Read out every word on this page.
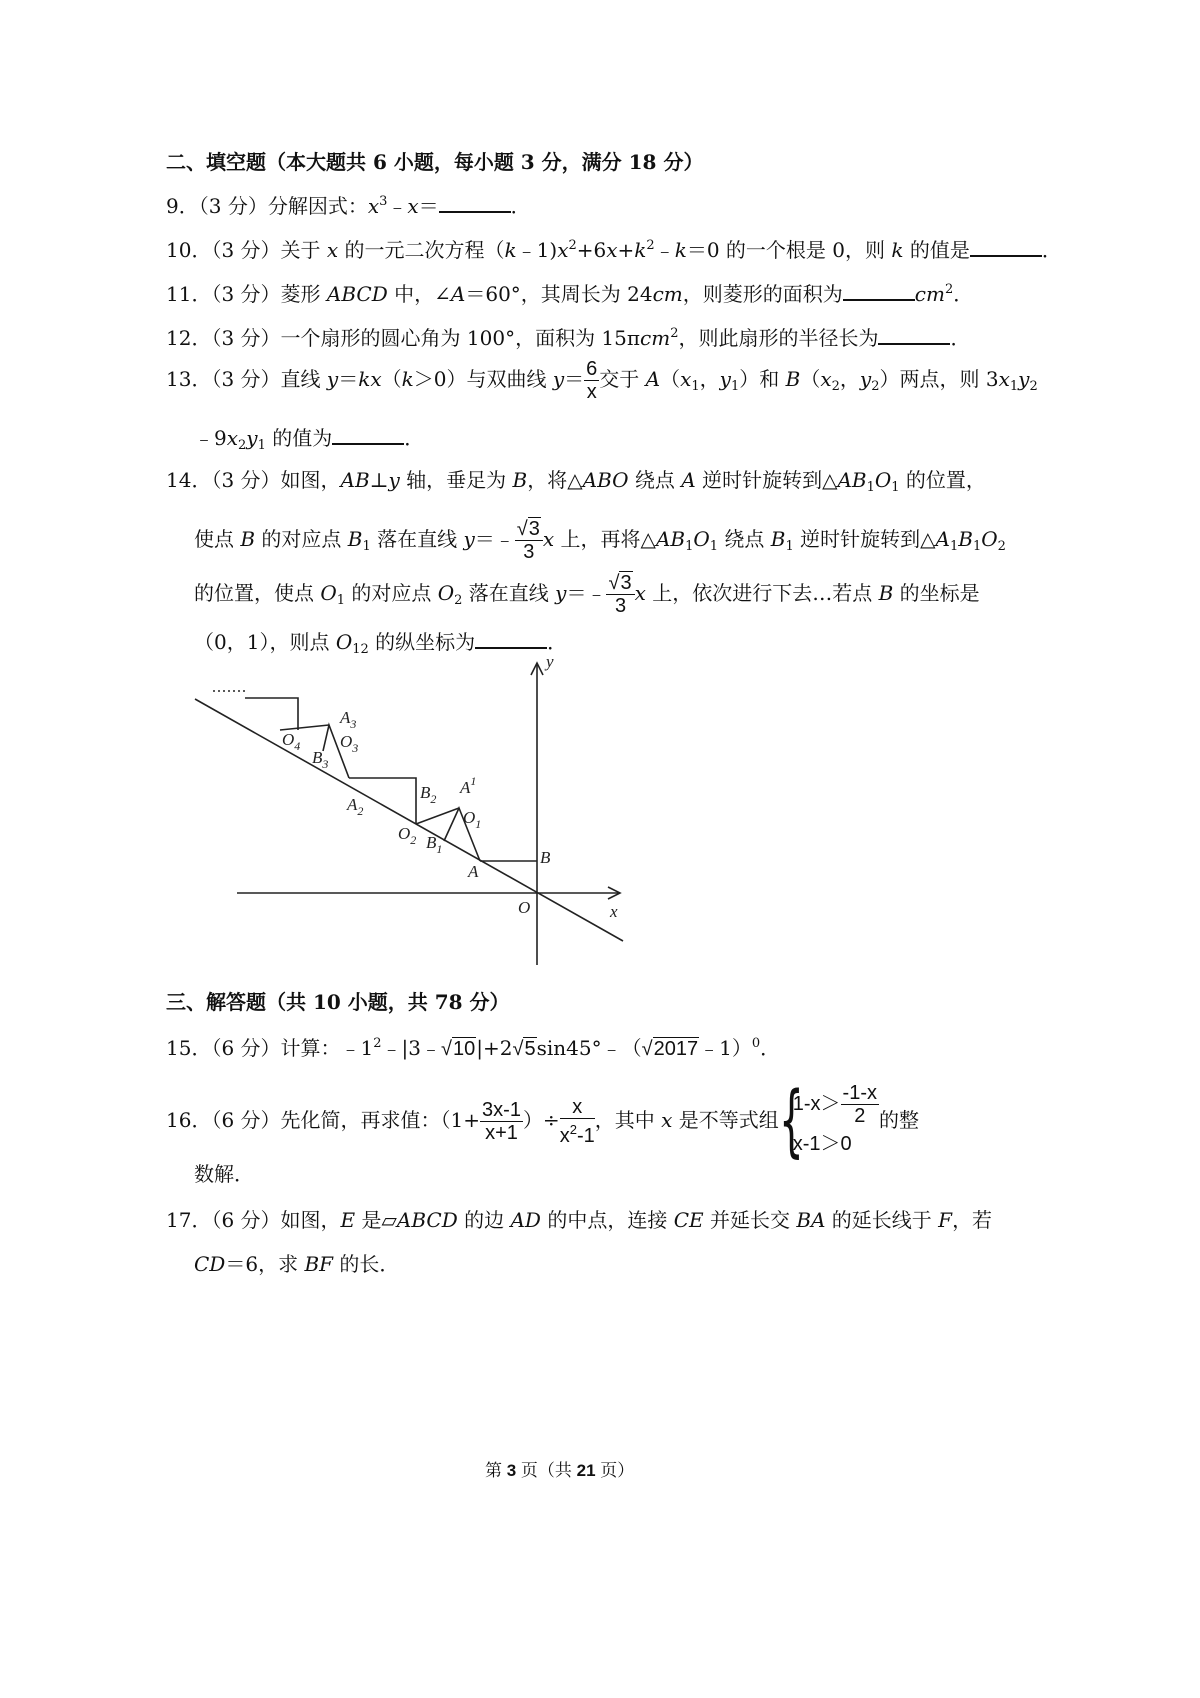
二、填空题（本大题共 6 小题，每小题 3 分，满分 18 分）
9．（3 分）分解因式：$x^3﹣x=$	．
10．（3 分）关于 x 的一元二次方程$(k﹣1)x^2+6x+k^2﹣k=0$ 的一个根是 0，则 k 的值是	．
11．（3 分）菱形 ABCD 中，∠A＝60°，其周长为 24cm，则菱形的面积为	$cm^2$．
12．（3 分）一个扇形的圆心角为 100°，面积为 15πcm$^2$，则此扇形的半径长为	．
13．（3 分）直线 y＝kx（k＞0）与双曲线 $y= \frac{6}{x}$ 交于 $A(x_1$，$y_1$）和 $B(x_2$，$y_2$）两点，则 $3x_1y_2$
$﹣9x_2y_1$ 的值为	．
14．（3 分）如图，AB⊥y 轴，垂足为 B，将△ABO 绕点 A 逆时针旋转到$\triangle AB_1O_1$ 的位置，
使点 B 的对应点 $B_1$ 落在直线 y＝﹣ $\frac{√3}{3}$ x 上，再将$\triangle AB_1O_1$ 绕点 $B_1$ 逆时针旋转到$\triangle A_1B_1O_2$
的位置，使点 $O_1$ 的对应点 $O_2$ 落在直线 y＝﹣ $\frac{√3}{3}$ x 上，依次进行下去…若点 B 的坐标是
（0，1），则点 $O_{12}$ 的纵坐标为	．
y
x
O
B
A
$A^1$
$O_1$
$B_1$
$O_2$
$B_2$
$A_2$
$A_3$
$O_3$
$B_3$
$O_4$
三、解答题（共 10 小题，共 78 分）
15．（6 分）计算：$﹣1^2﹣|3﹣√10|+2√5\sin 45^\circ﹣(√2017﹣1)^0$．
16．（6 分）先化简，再求值：（$1+ \frac{3x-1}{x+1}$ ）÷ $\frac{x}{x^2-1}$ ，其中 x 是不等式组 {
$1-x> \frac{-1-x}{2}$
x-1＞0
的整
数解．
17．（6 分）如图，E 是▱ABCD 的边 AD 的中点，连接 CE 并延长交 BA 的延长线于 F，若
CD＝6，求 BF 的长．
第 3 页（共 21 页）
